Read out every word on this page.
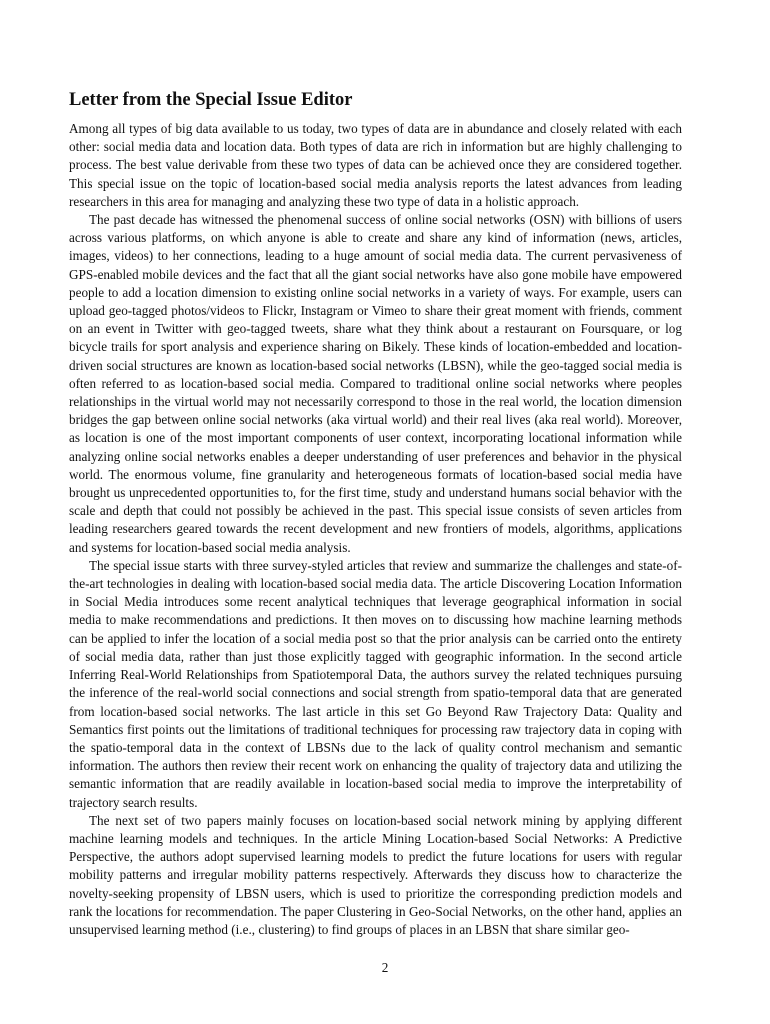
Letter from the Special Issue Editor

Among all types of big data available to us today, two types of data are in abundance and closely related with each other: social media data and location data. Both types of data are rich in information but are highly challenging to process. The best value derivable from these two types of data can be achieved once they are considered together. This special issue on the topic of location-based social media analysis reports the latest advances from leading researchers in this area for managing and analyzing these two type of data in a holistic approach.

The past decade has witnessed the phenomenal success of online social networks (OSN) with billions of users across various platforms, on which anyone is able to create and share any kind of information (news, articles, images, videos) to her connections, leading to a huge amount of social media data. The current pervasiveness of GPS-enabled mobile devices and the fact that all the giant social networks have also gone mobile have empowered people to add a location dimension to existing online social networks in a variety of ways. For example, users can upload geo-tagged photos/videos to Flickr, Instagram or Vimeo to share their great moment with friends, comment on an event in Twitter with geo-tagged tweets, share what they think about a restaurant on Foursquare, or log bicycle trails for sport analysis and experience sharing on Bikely. These kinds of location-embedded and location-driven social structures are known as location-based social networks (LBSN), while the geo-tagged social media is often referred to as location-based social media. Compared to traditional online social networks where peoples relationships in the virtual world may not necessarily correspond to those in the real world, the location dimension bridges the gap between online social networks (aka virtual world) and their real lives (aka real world). Moreover, as location is one of the most important components of user context, incorporating locational information while analyzing online social networks enables a deeper understanding of user preferences and behavior in the physical world. The enormous volume, fine granularity and heterogeneous formats of location-based social media have brought us unprecedented opportunities to, for the first time, study and understand humans social behavior with the scale and depth that could not possibly be achieved in the past. This special issue consists of seven articles from leading researchers geared towards the recent development and new frontiers of models, algorithms, applications and systems for location-based social media analysis.

The special issue starts with three survey-styled articles that review and summarize the challenges and state-of-the-art technologies in dealing with location-based social media data. The article Discovering Location Information in Social Media introduces some recent analytical techniques that leverage geographical information in social media to make recommendations and predictions. It then moves on to discussing how machine learning methods can be applied to infer the location of a social media post so that the prior analysis can be carried onto the entirety of social media data, rather than just those explicitly tagged with geographic information. In the second article Inferring Real-World Relationships from Spatiotemporal Data, the authors survey the related techniques pursuing the inference of the real-world social connections and social strength from spatio-temporal data that are generated from location-based social networks. The last article in this set Go Beyond Raw Trajectory Data: Quality and Semantics first points out the limitations of traditional techniques for processing raw trajectory data in coping with the spatio-temporal data in the context of LBSNs due to the lack of quality control mechanism and semantic information. The authors then review their recent work on enhancing the quality of trajectory data and utilizing the semantic information that are readily available in location-based social media to improve the interpretability of trajectory search results.

The next set of two papers mainly focuses on location-based social network mining by applying different machine learning models and techniques. In the article Mining Location-based Social Networks: A Predictive Perspective, the authors adopt supervised learning models to predict the future locations for users with regular mobility patterns and irregular mobility patterns respectively. Afterwards they discuss how to characterize the novelty-seeking propensity of LBSN users, which is used to prioritize the corresponding prediction models and rank the locations for recommendation. The paper Clustering in Geo-Social Networks, on the other hand, applies an unsupervised learning method (i.e., clustering) to find groups of places in an LBSN that share similar geo-

2
